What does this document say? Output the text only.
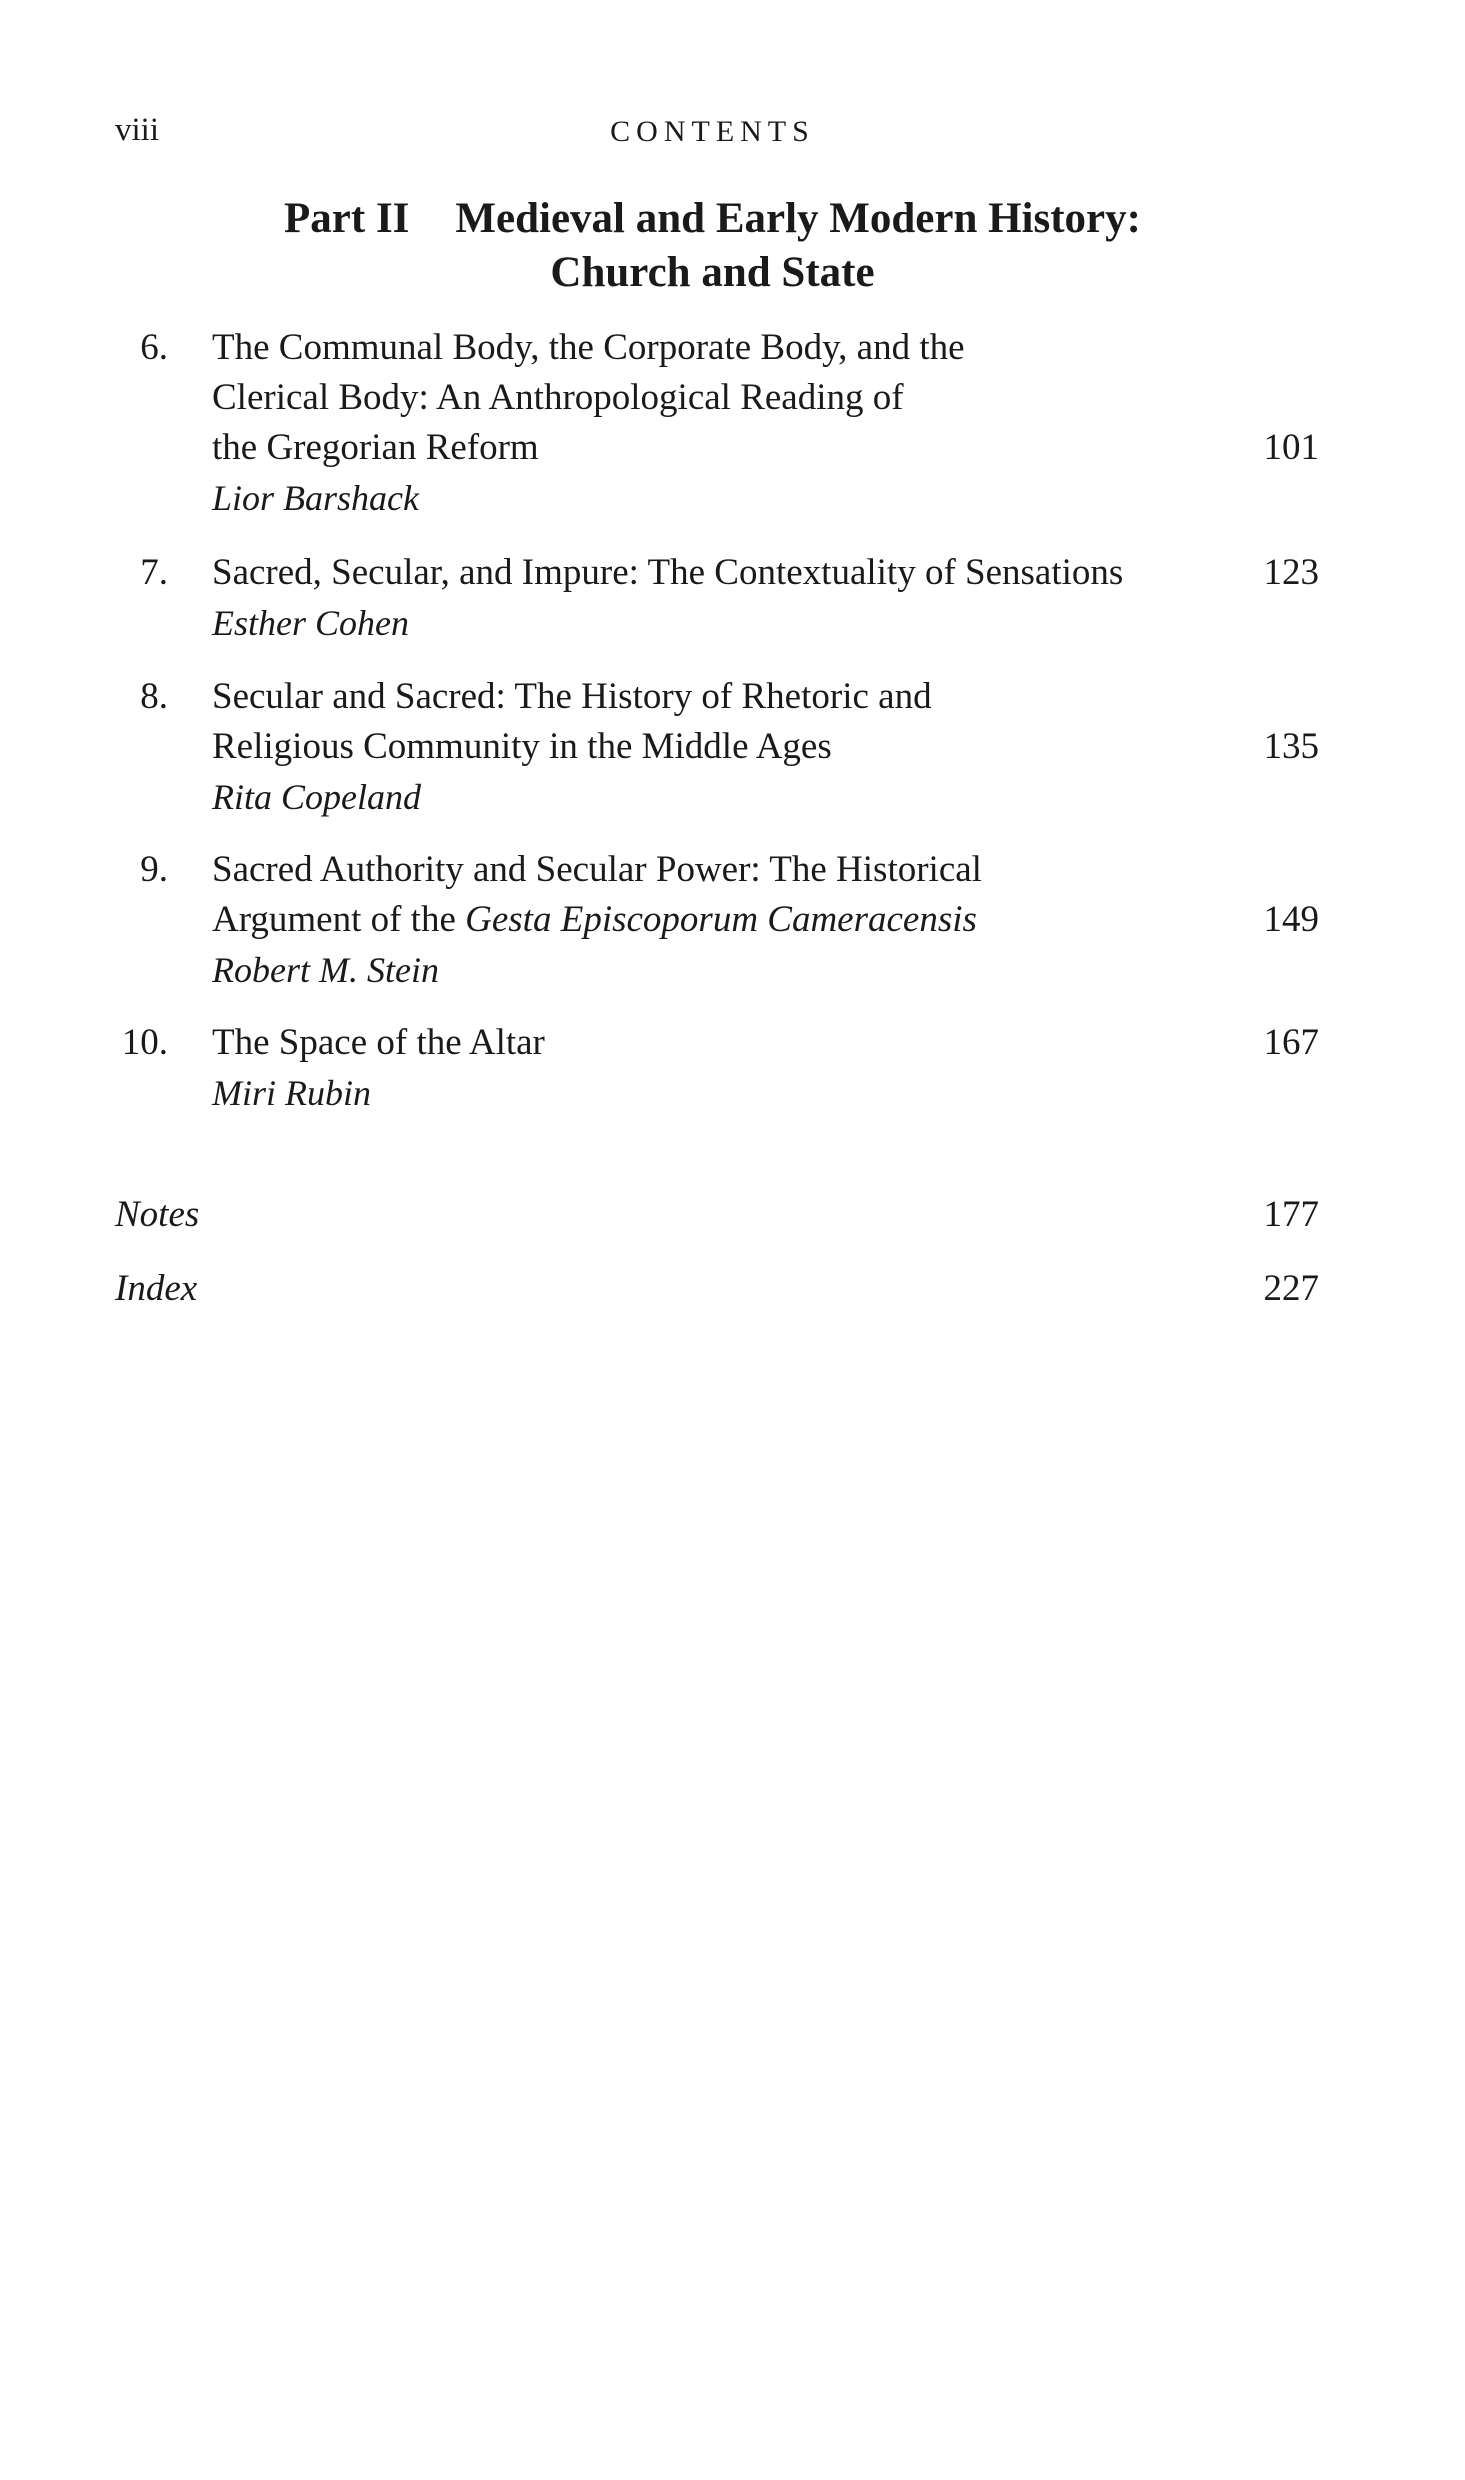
viii	CONTENTS
Part II Medieval and Early Modern History:
Church and State
6. The Communal Body, the Corporate Body, and the
Clerical Body: An Anthropological Reading of
the Gregorian Reform	101
Lior Barshack
7. Sacred, Secular, and Impure: The Contextuality of Sensations	123
Esther Cohen
8. Secular and Sacred: The History of Rhetoric and
Religious Community in the Middle Ages	135
Rita Copeland
9. Sacred Authority and Secular Power: The Historical
Argument of the Gesta Episcoporum Cameracensis	149
Robert M. Stein
10. The Space of the Altar	167
Miri Rubin
Notes	177
Index	227
